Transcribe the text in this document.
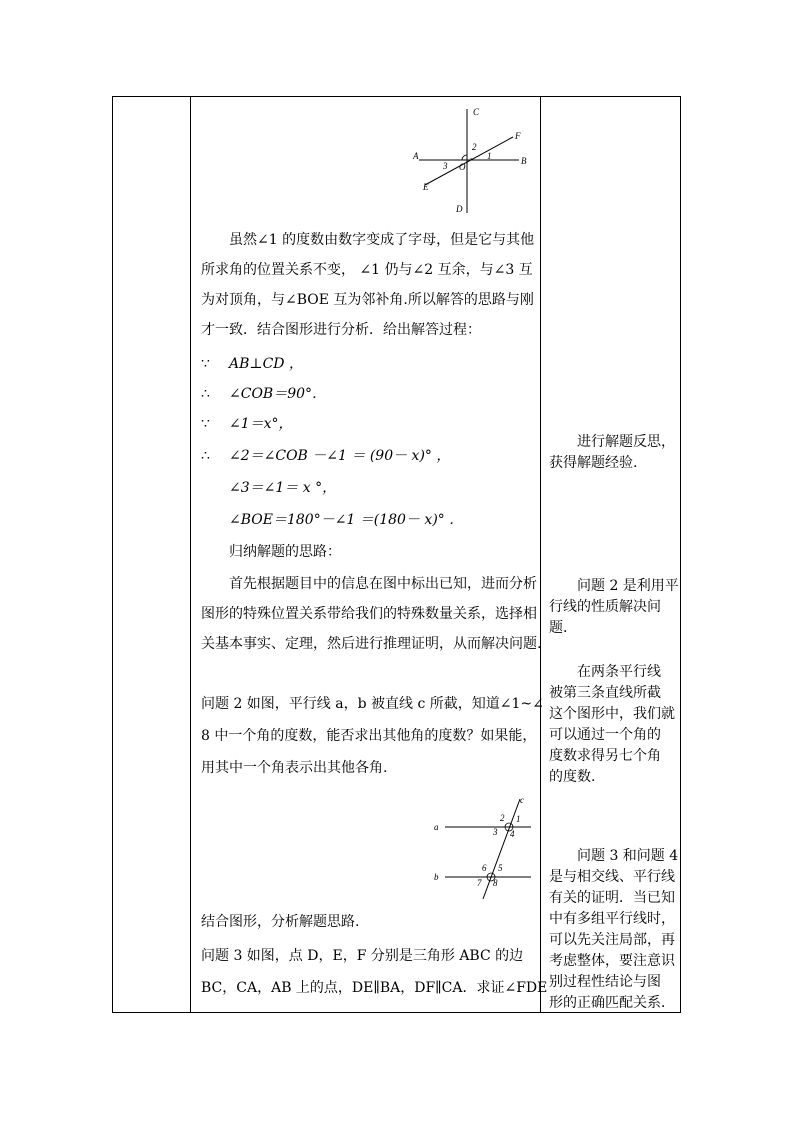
C
F
A	B
E
D
O
1
2
3
虽然∠1 的度数由数字变成了字母，但是它与其他
所求角的位置关系不变， ∠1 仍与∠2 互余，与∠3 互
为对顶角，与∠BOE 互为邻补角.所以解答的思路与刚
才一致．结合图形进行分析．给出解答过程：
∵ AB⊥CD ，
∴ ∠COB＝90°．
∵ ∠1＝x°，
∴ ∠2＝∠COB －∠1 ＝ (90－ x)° ，
∠3＝∠1＝ x °，
∠BOE＝180°－∠1 ＝(180－ x)° ．
归纳解题的思路：
首先根据题目中的信息在图中标出已知，进而分析
图形的特殊位置关系带给我们的特殊数量关系，选择相
关基本事实、定理，然后进行推理证明，从而解决问题.
问题 2 如图，平行线 a，b 被直线 c 所截，知道∠1~∠
8 中一个角的度数，能否求出其他角的度数？如果能，
用其中一个角表示出其他各角.
c
a
b
1
2
3 4
5
6
7 8
结合图形，分析解题思路.
问题 3 如图，点 D，E，F 分别是三角形 ABC 的边
BC，CA，AB 上的点，DE∥BA，DF∥CA．求证∠FDE
进行解题反思，
获得解题经验.
问题 2 是利用平
行线的性质解决问
题.
在两条平行线
被第三条直线所截
这个图形中，我们就
可以通过一个角的
度数求得另七个角
的度数.
问题 3 和问题 4
是与相交线、平行线
有关的证明．当已知
中有多组平行线时，
可以先关注局部，再
考虑整体，要注意识
别过程性结论与图
形的正确匹配关系．
